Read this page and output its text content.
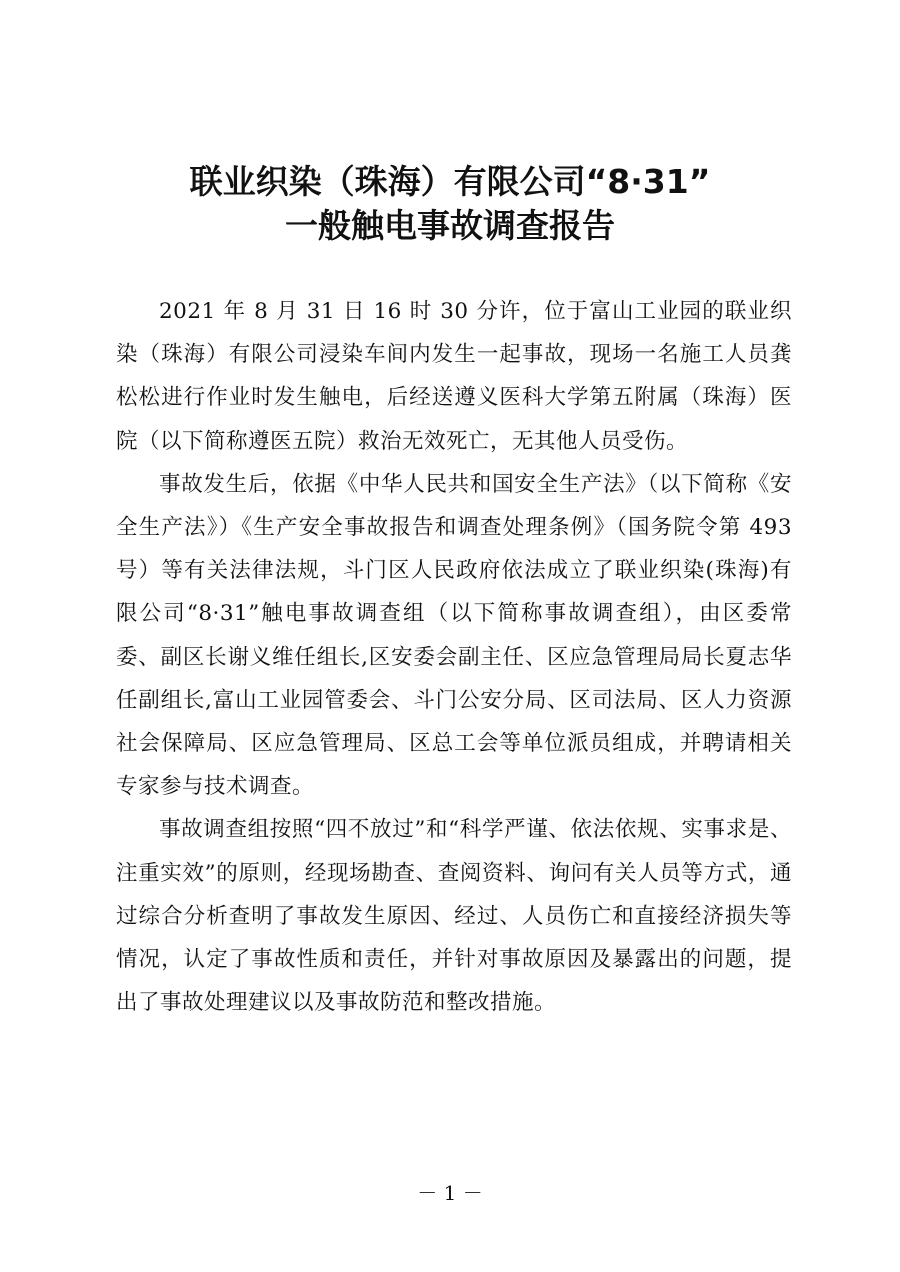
联业织染（珠海）有限公司“8·31”
一般触电事故调查报告

2021 年 8 月 31 日 16 时 30 分许，位于富山工业园的联业织染（珠海）有限公司浸染车间内发生一起事故，现场一名施工人员龚松松进行作业时发生触电，后经送遵义医科大学第五附属（珠海）医院（以下简称遵医五院）救治无效死亡，无其他人员受伤。

事故发生后，依据《中华人民共和国安全生产法》（以下简称《安全生产法》）《生产安全事故报告和调查处理条例》（国务院令第 493 号）等有关法律法规，斗门区人民政府依法成立了联业织染(珠海)有限公司“8·31”触电事故调查组（以下简称事故调查组），由区委常委、副区长谢义维任组长,区安委会副主任、区应急管理局局长夏志华任副组长,富山工业园管委会、斗门公安分局、区司法局、区人力资源社会保障局、区应急管理局、区总工会等单位派员组成，并聘请相关专家参与技术调查。

事故调查组按照“四不放过”和“科学严谨、依法依规、实事求是、注重实效”的原则，经现场勘查、查阅资料、询问有关人员等方式，通过综合分析查明了事故发生原因、经过、人员伤亡和直接经济损失等情况，认定了事故性质和责任，并针对事故原因及暴露出的问题，提出了事故处理建议以及事故防范和整改措施。

－ 1 －
